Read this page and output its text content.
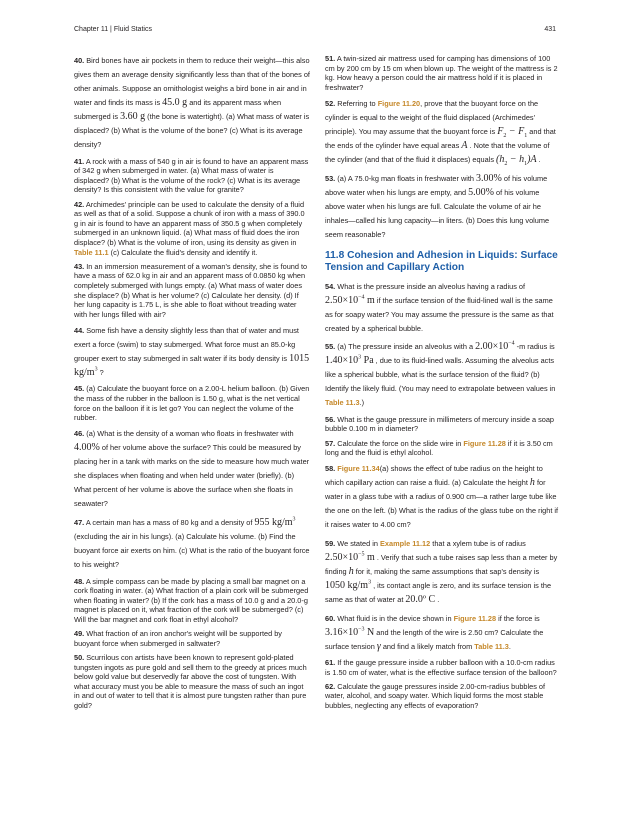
Chapter 11 | Fluid Statics	431

40. Bird bones have air pockets in them to reduce their weight—this also gives them an average density significantly less than that of the bones of other animals. Suppose an ornithologist weighs a bird bone in air and in water and finds its mass is 45.0 g and its apparent mass when submerged is 3.60 g (the bone is watertight). (a) What mass of water is displaced? (b) What is the volume of the bone? (c) What is its average density?

41. A rock with a mass of 540 g in air is found to have an apparent mass of 342 g when submerged in water. (a) What mass of water is displaced? (b) What is the volume of the rock? (c) What is its average density? Is this consistent with the value for granite?

42. Archimedes' principle can be used to calculate the density of a fluid as well as that of a solid. Suppose a chunk of iron with a mass of 390.0 g in air is found to have an apparent mass of 350.5 g when completely submerged in an unknown liquid. (a) What mass of fluid does the iron displace? (b) What is the volume of iron, using its density as given in Table 11.1 (c) Calculate the fluid's density and identify it.

43. In an immersion measurement of a woman's density, she is found to have a mass of 62.0 kg in air and an apparent mass of 0.0850 kg when completely submerged with lungs empty. (a) What mass of water does she displace? (b) What is her volume? (c) Calculate her density. (d) If her lung capacity is 1.75 L, is she able to float without treading water with her lungs filled with air?

44. Some fish have a density slightly less than that of water and must exert a force (swim) to stay submerged. What force must an 85.0-kg grouper exert to stay submerged in salt water if its body density is 1015 $kg/m^3$ ?

45. (a) Calculate the buoyant force on a 2.00-L helium balloon. (b) Given the mass of the rubber in the balloon is 1.50 g, what is the net vertical force on the balloon if it is let go? You can neglect the volume of the rubber.

46. (a) What is the density of a woman who floats in freshwater with 4.00% of her volume above the surface? This could be measured by placing her in a tank with marks on the side to measure how much water she displaces when floating and when held under water (briefly). (b) What percent of her volume is above the surface when she floats in seawater?

47. A certain man has a mass of 80 kg and a density of 955 $kg/m^3$ (excluding the air in his lungs). (a) Calculate his volume. (b) Find the buoyant force air exerts on him. (c) What is the ratio of the buoyant force to his weight?

48. A simple compass can be made by placing a small bar magnet on a cork floating in water. (a) What fraction of a plain cork will be submerged when floating in water? (b) If the cork has a mass of 10.0 g and a 20.0-g magnet is placed on it, what fraction of the cork will be submerged? (c) Will the bar magnet and cork float in ethyl alcohol?

49. What fraction of an iron anchor's weight will be supported by buoyant force when submerged in saltwater?

50. Scurrilous con artists have been known to represent gold-plated tungsten ingots as pure gold and sell them to the greedy at prices much below gold value but deservedly far above the cost of tungsten. With what accuracy must you be able to measure the mass of such an ingot in and out of water to tell that it is almost pure tungsten rather than pure gold?

51. A twin-sized air mattress used for camping has dimensions of 100 cm by 200 cm by 15 cm when blown up. The weight of the mattress is 2 kg. How heavy a person could the air mattress hold if it is placed in freshwater?

52. Referring to Figure 11.20, prove that the buoyant force on the cylinder is equal to the weight of the fluid displaced (Archimedes' principle). You may assume that the buoyant force is $F_2 - F_1$ and that the ends of the cylinder have equal areas A . Note that the volume of the cylinder (and that of the fluid it displaces) equals $(h_2 - h_1)A$ .

53. (a) A 75.0-kg man floats in freshwater with 3.00% of his volume above water when his lungs are empty, and 5.00% of his volume above water when his lungs are full. Calculate the volume of air he inhales—called his lung capacity—in liters. (b) Does this lung volume seem reasonable?

11.8 Cohesion and Adhesion in Liquids: Surface Tension and Capillary Action

54. What is the pressure inside an alveolus having a radius of $2.50\times 10^{-4}$ m if the surface tension of the fluid-lined wall is the same as for soapy water? You may assume the pressure is the same as that created by a spherical bubble.

55. (a) The pressure inside an alveolus with a $2.00\times 10^{-4}$ -m radius is $1.40\times 10^3$ Pa , due to its fluid-lined walls. Assuming the alveolus acts like a spherical bubble, what is the surface tension of the fluid? (b) Identify the likely fluid. (You may need to extrapolate between values in Table 11.3.)

56. What is the gauge pressure in millimeters of mercury inside a soap bubble 0.100 m in diameter?

57. Calculate the force on the slide wire in Figure 11.28 if it is 3.50 cm long and the fluid is ethyl alcohol.

58. Figure 11.34(a) shows the effect of tube radius on the height to which capillary action can raise a fluid. (a) Calculate the height h for water in a glass tube with a radius of 0.900 cm—a rather large tube like the one on the left. (b) What is the radius of the glass tube on the right if it raises water to 4.00 cm?

59. We stated in Example 11.12 that a xylem tube is of radius $2.50\times 10^{-5}$ m . Verify that such a tube raises sap less than a meter by finding h for it, making the same assumptions that sap's density is 1050 $kg/m^3$ , its contact angle is zero, and its surface tension is the same as that of water at 20.0º C .

60. What fluid is in the device shown in Figure 11.28 if the force is $3.16\times 10^{-3}$ N and the length of the wire is 2.50 cm? Calculate the surface tension γ and find a likely match from Table 11.3.

61. If the gauge pressure inside a rubber balloon with a 10.0-cm radius is 1.50 cm of water, what is the effective surface tension of the balloon?

62. Calculate the gauge pressures inside 2.00-cm-radius bubbles of water, alcohol, and soapy water. Which liquid forms the most stable bubbles, neglecting any effects of evaporation?
